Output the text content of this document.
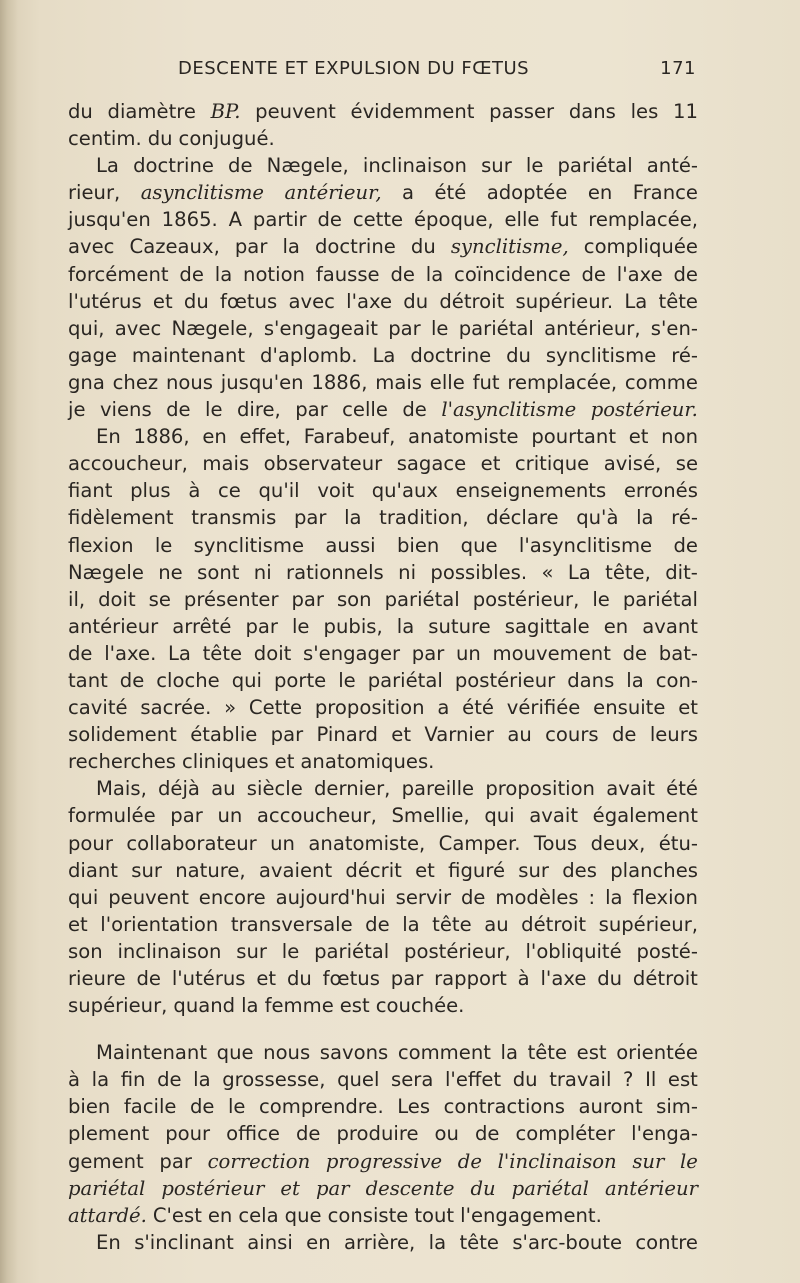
DESCENTE ET EXPULSION DU FŒTUS	171
du diamètre BP. peuvent évidemment passer dans les 11
centim. du conjugué.
La doctrine de Nægele, inclinaison sur le pariétal anté-
rieur, asynclitisme antérieur, a été adoptée en France
jusqu'en 1865. A partir de cette époque, elle fut remplacée,
avec Cazeaux, par la doctrine du synclitisme, compliquée
forcément de la notion fausse de la coïncidence de l'axe de
l'utérus et du fœtus avec l'axe du détroit supérieur. La tête
qui, avec Nægele, s'engageait par le pariétal antérieur, s'en-
gage maintenant d'aplomb. La doctrine du synclitisme ré-
gna chez nous jusqu'en 1886, mais elle fut remplacée, comme
je viens de le dire, par celle de l'asynclitisme postérieur.
En 1886, en effet, Farabeuf, anatomiste pourtant et non
accoucheur, mais observateur sagace et critique avisé, se
fiant plus à ce qu'il voit qu'aux enseignements erronés
fidèlement transmis par la tradition, déclare qu'à la ré-
flexion le synclitisme aussi bien que l'asynclitisme de
Nægele ne sont ni rationnels ni possibles. « La tête, dit-
il, doit se présenter par son pariétal postérieur, le pariétal
antérieur arrêté par le pubis, la suture sagittale en avant
de l'axe. La tête doit s'engager par un mouvement de bat-
tant de cloche qui porte le pariétal postérieur dans la con-
cavité sacrée. » Cette proposition a été vérifiée ensuite et
solidement établie par Pinard et Varnier au cours de leurs
recherches cliniques et anatomiques.
Mais, déjà au siècle dernier, pareille proposition avait été
formulée par un accoucheur, Smellie, qui avait également
pour collaborateur un anatomiste, Camper. Tous deux, étu-
diant sur nature, avaient décrit et figuré sur des planches
qui peuvent encore aujourd'hui servir de modèles : la flexion
et l'orientation transversale de la tête au détroit supérieur,
son inclinaison sur le pariétal postérieur, l'obliquité posté-
rieure de l'utérus et du fœtus par rapport à l'axe du détroit
supérieur, quand la femme est couchée.
Maintenant que nous savons comment la tête est orientée
à la fin de la grossesse, quel sera l'effet du travail ? Il est
bien facile de le comprendre. Les contractions auront sim-
plement pour office de produire ou de compléter l'enga-
gement par correction progressive de l'inclinaison sur le
pariétal postérieur et par descente du pariétal antérieur
attardé. C'est en cela que consiste tout l'engagement.
En s'inclinant ainsi en arrière, la tête s'arc-boute contre
